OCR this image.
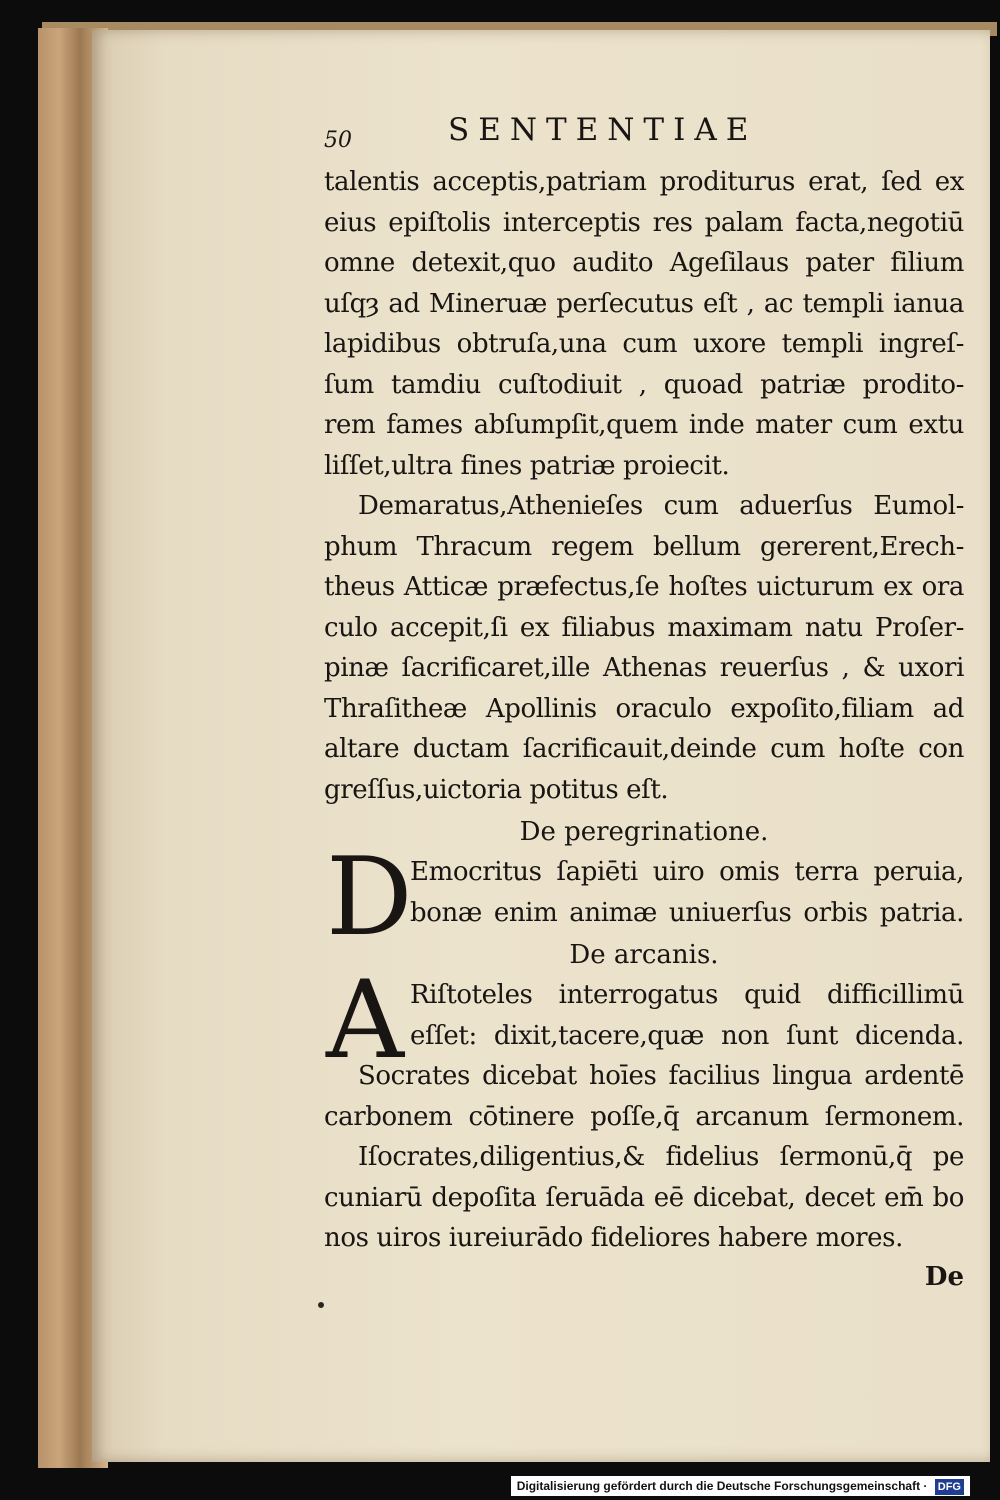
50	SENTENTIAE
talentis acceptis,patriam proditurus erat, ſed ex
eius epiſtolis interceptis res palam facta,negotiū
omne detexit,quo audito Ageſilaus pater filium
uſqȝ ad Mineruæ perſecutus eſt , ac templi ianua
lapidibus obtruſa,una cum uxore templi ingreſ-
ſum tamdiu cuſtodiuit , quoad patriæ prodito-
rem fames abſumpſit,quem inde mater cum extu
liſſet,ultra fines patriæ proiecit.
Demaratus,Athenieſes cum aduerſus Eumol-
phum Thracum regem bellum gererent,Erech-
theus Atticæ præfectus,ſe hoſtes uicturum ex ora
culo accepit,ſi ex filiabus maximam natu Proſer-
pinæ ſacrificaret,ille Athenas reuerſus , & uxori
Thraſitheæ Apollinis oraculo expoſito,filiam ad
altare ductam ſacrificauit,deinde cum hoſte con
greſſus,uictoria potitus eſt.
De peregrinatione.
D
Emocritus ſapiēti uiro omis terra peruia,
bonæ enim animæ uniuerſus orbis patria.
De arcanis.
A Riſtoteles interrogatus quid difficillimū
eſſet: dixit,tacere,quæ non ſunt dicenda.
Socrates dicebat hoīes facilius lingua ardentē
carbonem cōtinere poſſe,q̄ arcanum ſermonem.
Iſocrates,diligentius,& fidelius ſermonū,q̄ pe
cuniarū depoſita ſeruāda eē dicebat, decet em̄ bo
nos uiros iureiurādo fideliores habere mores.
De
Digitalisierung gefördert durch die Deutsche Forschungsgemeinschaft · DFG
